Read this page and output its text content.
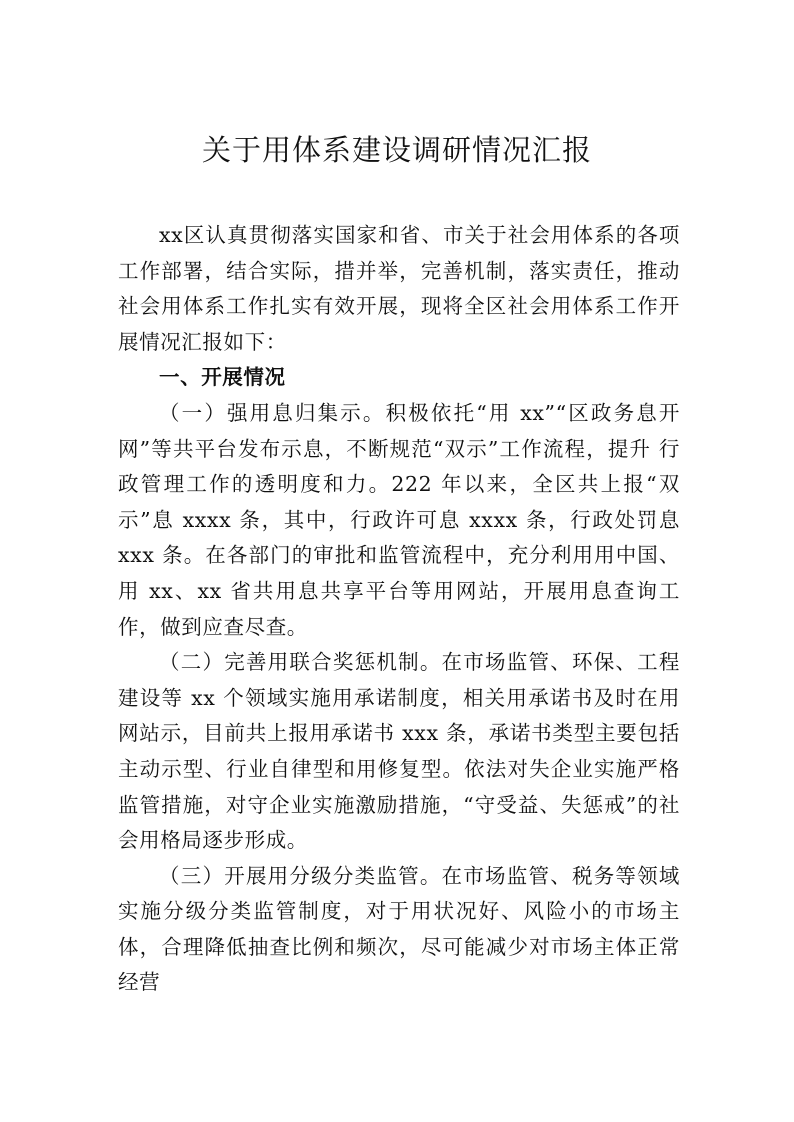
关于用体系建设调研情况汇报

xx区认真贯彻落实国家和省、市关于社会用体系的各项工作部署，结合实际，措并举，完善机制，落实责任，推动社会用体系工作扎实有效开展，现将全区社会用体系工作开展情况汇报如下：

一、开展情况

（一）强用息归集示。积极依托“用 xx”“区政务息开网”等共平台发布示息，不断规范“双示”工作流程，提升 行政管理工作的透明度和力。222 年以来，全区共上报“双示”息 xxxx 条，其中，行政许可息 xxxx 条，行政处罚息 xxx 条。在各部门的审批和监管流程中，充分利用用中国、用 xx、xx 省共用息共享平台等用网站，开展用息查询工作，做到应查尽查。

（二）完善用联合奖惩机制。在市场监管、环保、工程建设等 xx 个领域实施用承诺制度，相关用承诺书及时在用网站示，目前共上报用承诺书 xxx 条，承诺书类型主要包括主动示型、行业自律型和用修复型。依法对失企业实施严格监管措施，对守企业实施激励措施，“守受益、失惩戒”的社会用格局逐步形成。

（三）开展用分级分类监管。在市场监管、税务等领域实施分级分类监管制度，对于用状况好、风险小的市场主体，合理降低抽查比例和频次，尽可能减少对市场主体正常经营
